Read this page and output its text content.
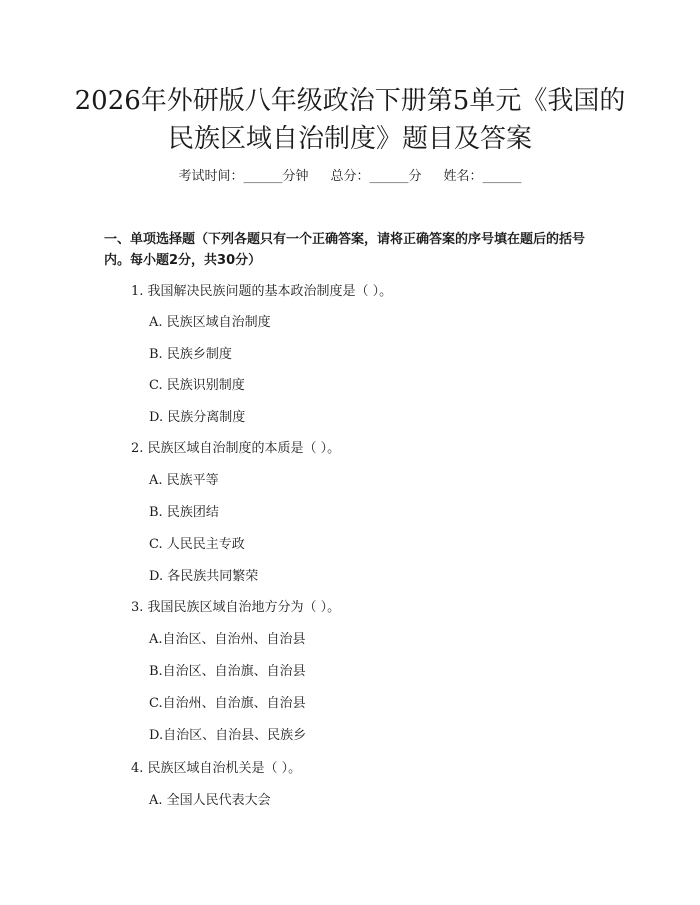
2026年外研版八年级政治下册第5单元《我国的民族区域自治制度》题目及答案
考试时间：______分钟 总分：______分 姓名：______
一、单项选择题（下列各题只有一个正确答案，请将正确答案的序号填在题后的括号内。每小题2分，共30分）
1. 我国解决民族问题的基本政治制度是（ ）。
A. 民族区域自治制度
B. 民族乡制度
C. 民族识别制度
D. 民族分离制度
2. 民族区域自治制度的本质是（ ）。
A. 民族平等
B. 民族团结
C. 人民民主专政
D. 各民族共同繁荣
3. 我国民族区域自治地方分为（ ）。
A.自治区、自治州、自治县
B.自治区、自治旗、自治县
C.自治州、自治旗、自治县
D.自治区、自治县、民族乡
4. 民族区域自治机关是（ ）。
A. 全国人民代表大会
